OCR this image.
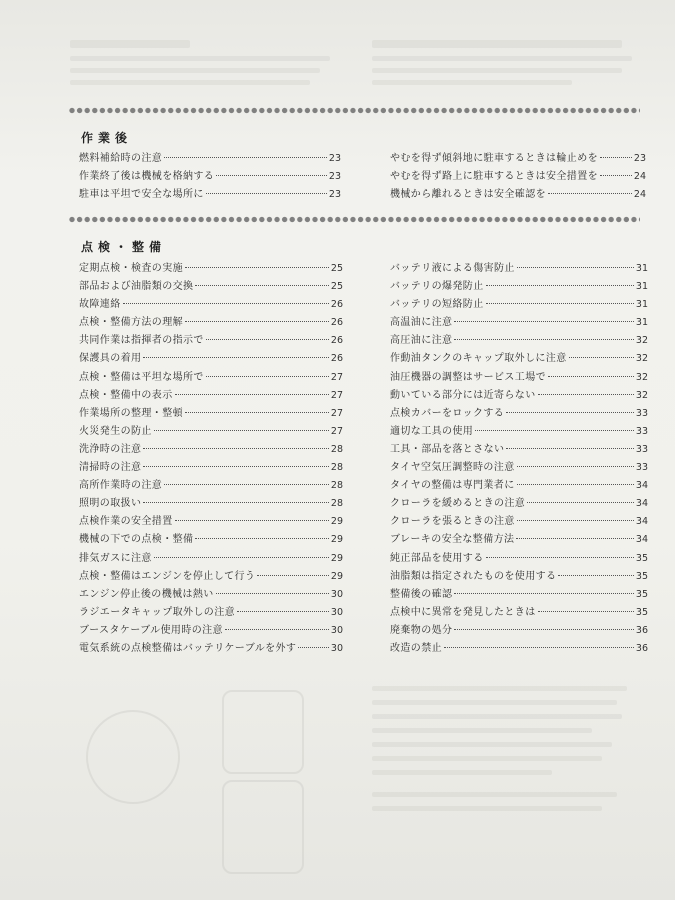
作業後
燃料補給時の注意	23
作業終了後は機械を格納する	23
駐車は平坦で安全な場所に	23
やむを得ず傾斜地に駐車するときは輪止めを	23
やむを得ず路上に駐車するときは安全措置を	24
機械から離れるときは安全確認を	24
点検・整備
定期点検・検査の実施	25
部品および油脂類の交換	25
故障連絡	26
点検・整備方法の理解	26
共同作業は指揮者の指示で	26
保護具の着用	26
点検・整備は平坦な場所で	27
点検・整備中の表示	27
作業場所の整理・整頓	27
火災発生の防止	27
洗浄時の注意	28
清掃時の注意	28
高所作業時の注意	28
照明の取扱い	28
点検作業の安全措置	29
機械の下での点検・整備	29
排気ガスに注意	29
点検・整備はエンジンを停止して行う	29
エンジン停止後の機械は熱い	30
ラジエータキャップ取外しの注意	30
ブースタケーブル使用時の注意	30
電気系統の点検整備はバッテリケーブルを外す	30
バッテリ液による傷害防止	31
バッテリの爆発防止	31
バッテリの短絡防止	31
高温油に注意	31
高圧油に注意	32
作動油タンクのキャップ取外しに注意	32
油圧機器の調整はサービス工場で	32
動いている部分には近寄らない	32
点検カバーをロックする	33
適切な工具の使用	33
工具・部品を落とさない	33
タイヤ空気圧調整時の注意	33
タイヤの整備は専門業者に	34
クローラを緩めるときの注意	34
クローラを張るときの注意	34
ブレーキの安全な整備方法	34
純正部品を使用する	35
油脂類は指定されたものを使用する	35
整備後の確認	35
点検中に異常を発見したときは	35
廃棄物の処分	36
改造の禁止	36
